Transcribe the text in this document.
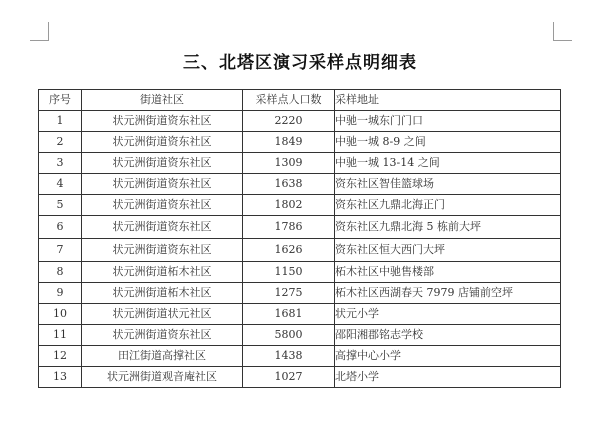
三、北塔区演习采样点明细表
序号	街道社区	采样点人口数	采样地址
1	状元洲街道资东社区	2220	中驰一城东门门口
2	状元洲街道资东社区	1849	中驰一城 8-9 之间
3	状元洲街道资东社区	1309	中驰一城 13-14 之间
4	状元洲街道资东社区	1638	资东社区智佳篮球场
5	状元洲街道资东社区	1802	资东社区九鼎北海正门
6	状元洲街道资东社区	1786	资东社区九鼎北海 5 栋前大坪
7	状元洲街道资东社区	1626	资东社区恒大西门大坪
8	状元洲街道柘木社区	1150	柘木社区中驰售楼部
9	状元洲街道柘木社区	1275	柘木社区西湖春天 7979 店铺前空坪
10	状元洲街道状元社区	1681	状元小学
11	状元洲街道资东社区	5800	邵阳湘郡铭志学校
12	田江街道高撑社区	1438	高撑中心小学
13	状元洲街道观音庵社区	1027	北塔小学
